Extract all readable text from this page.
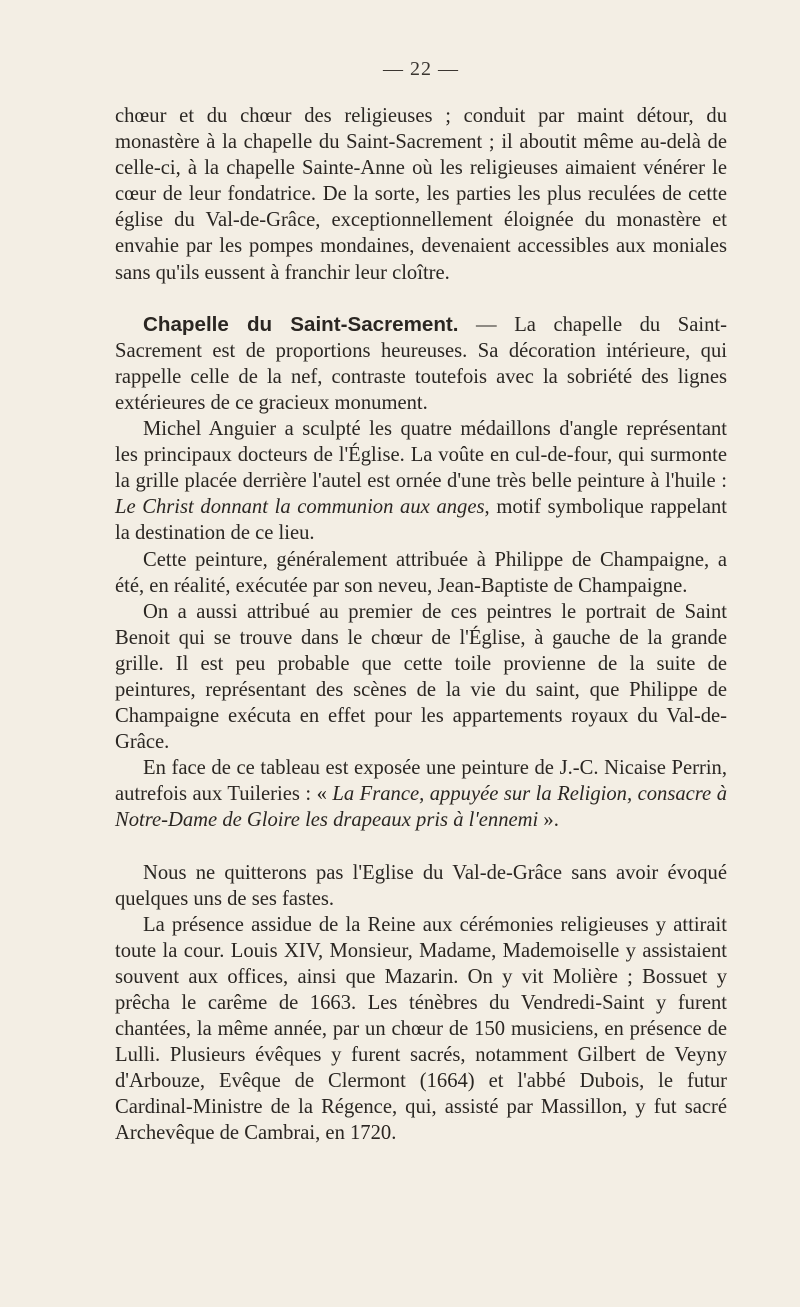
— 22 —

chœur et du chœur des religieuses ; conduit par maint détour, du monastère à la chapelle du Saint-Sacrement ; il aboutit même au-delà de celle-ci, à la chapelle Sainte-Anne où les religieuses aimaient vénérer le cœur de leur fondatrice. De la sorte, les parties les plus reculées de cette église du Val-de-Grâce, exceptionnellement éloignée du monastère et envahie par les pompes mondaines, devenaient accessibles aux moniales sans qu'ils eussent à franchir leur cloître.

Chapelle du Saint-Sacrement. — La chapelle du Saint-Sacrement est de proportions heureuses. Sa décoration intérieure, qui rappelle celle de la nef, contraste toutefois avec la sobriété des lignes extérieures de ce gracieux monument.

Michel Anguier a sculpté les quatre médaillons d'angle représentant les principaux docteurs de l'Église. La voûte en cul-de-four, qui surmonte la grille placée derrière l'autel est ornée d'une très belle peinture à l'huile : Le Christ donnant la communion aux anges, motif symbolique rappelant la destination de ce lieu.

Cette peinture, généralement attribuée à Philippe de Champaigne, a été, en réalité, exécutée par son neveu, Jean-Baptiste de Champaigne.

On a aussi attribué au premier de ces peintres le portrait de Saint Benoit qui se trouve dans le chœur de l'Église, à gauche de la grande grille. Il est peu probable que cette toile provienne de la suite de peintures, représentant des scènes de la vie du saint, que Philippe de Champaigne exécuta en effet pour les appartements royaux du Val-de-Grâce.

En face de ce tableau est exposée une peinture de J.-C. Nicaise Perrin, autrefois aux Tuileries : « La France, appuyée sur la Religion, consacre à Notre-Dame de Gloire les drapeaux pris à l'ennemi ».

Nous ne quitterons pas l'Eglise du Val-de-Grâce sans avoir évoqué quelques uns de ses fastes.

La présence assidue de la Reine aux cérémonies religieuses y attirait toute la cour. Louis XIV, Monsieur, Madame, Mademoiselle y assistaient souvent aux offices, ainsi que Mazarin. On y vit Molière ; Bossuet y prêcha le carême de 1663. Les ténèbres du Vendredi-Saint y furent chantées, la même année, par un chœur de 150 musiciens, en présence de Lulli. Plusieurs évêques y furent sacrés, notamment Gilbert de Veyny d'Arbouze, Evêque de Clermont (1664) et l'abbé Dubois, le futur Cardinal-Ministre de la Régence, qui, assisté par Massillon, y fut sacré Archevêque de Cambrai, en 1720.
